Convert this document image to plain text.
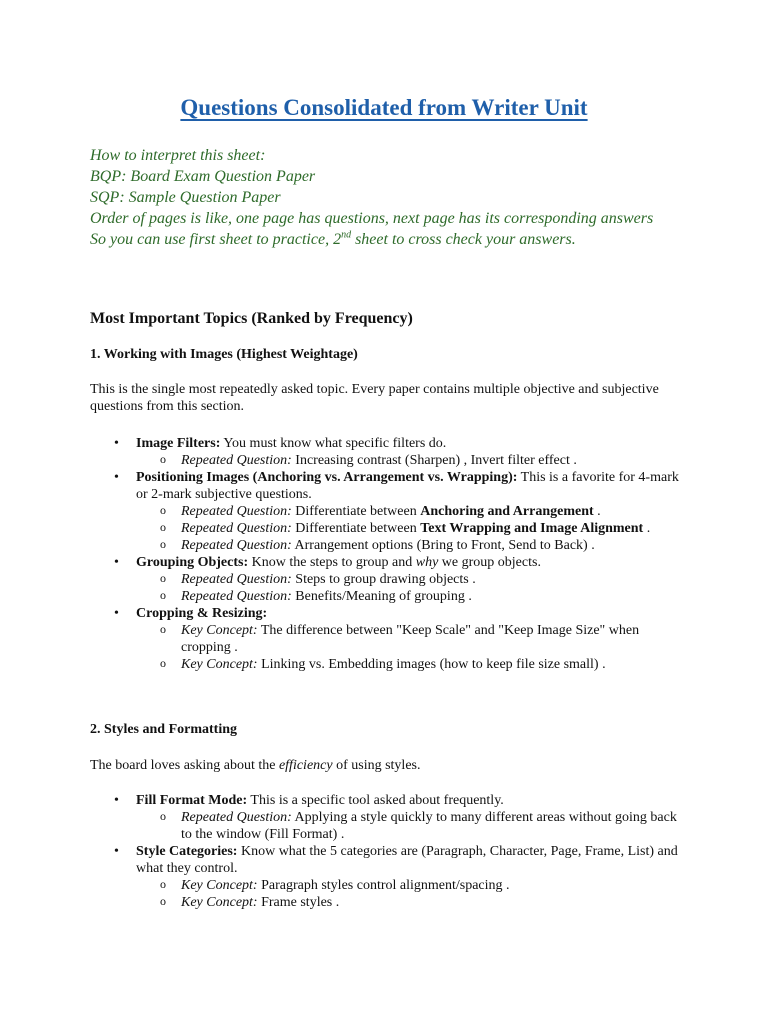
Questions Consolidated from Writer Unit
How to interpret this sheet:
BQP: Board Exam Question Paper
SQP: Sample Question Paper
Order of pages is like, one page has questions, next page has its corresponding answers
So you can use first sheet to practice, 2nd sheet to cross check your answers.
Most Important Topics (Ranked by Frequency)
1. Working with Images (Highest Weightage)
This is the single most repeatedly asked topic. Every paper contains multiple objective and subjective questions from this section.
• Image Filters: You must know what specific filters do.
o Repeated Question: Increasing contrast (Sharpen) , Invert filter effect .
• Positioning Images (Anchoring vs. Arrangement vs. Wrapping): This is a favorite for 4-mark or 2-mark subjective questions.
o Repeated Question: Differentiate between Anchoring and Arrangement .
o Repeated Question: Differentiate between Text Wrapping and Image Alignment .
o Repeated Question: Arrangement options (Bring to Front, Send to Back) .
• Grouping Objects: Know the steps to group and why we group objects.
o Repeated Question: Steps to group drawing objects .
o Repeated Question: Benefits/Meaning of grouping .
• Cropping & Resizing:
o Key Concept: The difference between "Keep Scale" and "Keep Image Size" when cropping .
o Key Concept: Linking vs. Embedding images (how to keep file size small) .
2. Styles and Formatting
The board loves asking about the efficiency of using styles.
• Fill Format Mode: This is a specific tool asked about frequently.
o Repeated Question: Applying a style quickly to many different areas without going back to the window (Fill Format) .
• Style Categories: Know what the 5 categories are (Paragraph, Character, Page, Frame, List) and what they control.
o Key Concept: Paragraph styles control alignment/spacing .
o Key Concept: Frame styles .
